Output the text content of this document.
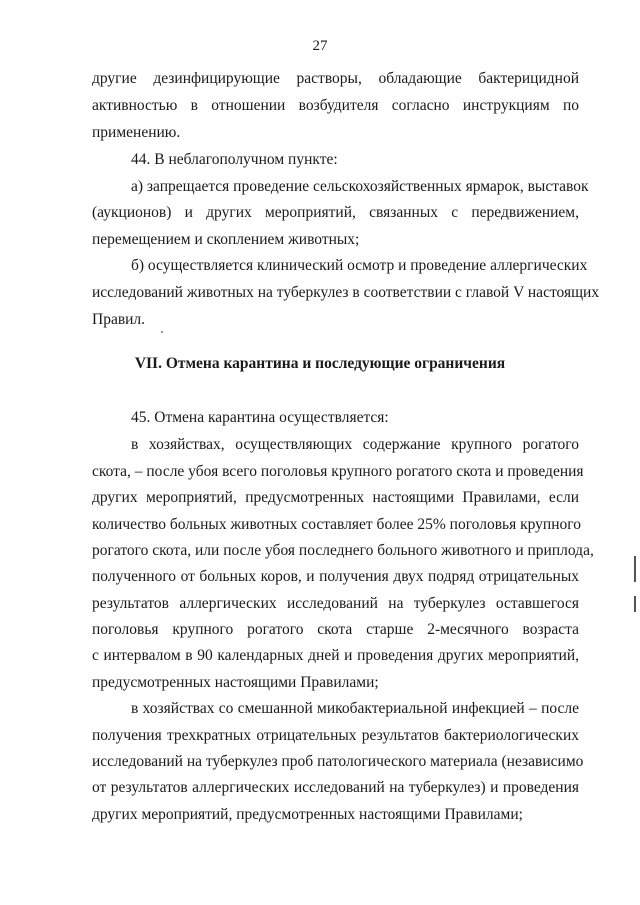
27
другие дезинфицирующие растворы, обладающие бактерицидной
активностью в отношении возбудителя согласно инструкциям по
применению.
44. В неблагополучном пункте:
а) запрещается проведение сельскохозяйственных ярмарок, выставок
(аукционов) и других мероприятий, связанных с передвижением,
перемещением и скоплением животных;
б) осуществляется клинический осмотр и проведение аллергических
исследований животных на туберкулез в соответствии с главой V настоящих
Правил.
VII. Отмена карантина и последующие ограничения
45. Отмена карантина осуществляется:
в хозяйствах, осуществляющих содержание крупного рогатого
скота, – после убоя всего поголовья крупного рогатого скота и проведения
других мероприятий, предусмотренных настоящими Правилами, если
количество больных животных составляет более 25% поголовья крупного
рогатого скота, или после убоя последнего больного животного и приплода,
полученного от больных коров, и получения двух подряд отрицательных
результатов аллергических исследований на туберкулез оставшегося
поголовья крупного рогатого скота старше 2-месячного возраста
с интервалом в 90 календарных дней и проведения других мероприятий,
предусмотренных настоящими Правилами;
в хозяйствах со смешанной микобактериальной инфекцией – после
получения трехкратных отрицательных результатов бактериологических
исследований на туберкулез проб патологического материала (независимо
от результатов аллергических исследований на туберкулез) и проведения
других мероприятий, предусмотренных настоящими Правилами;
